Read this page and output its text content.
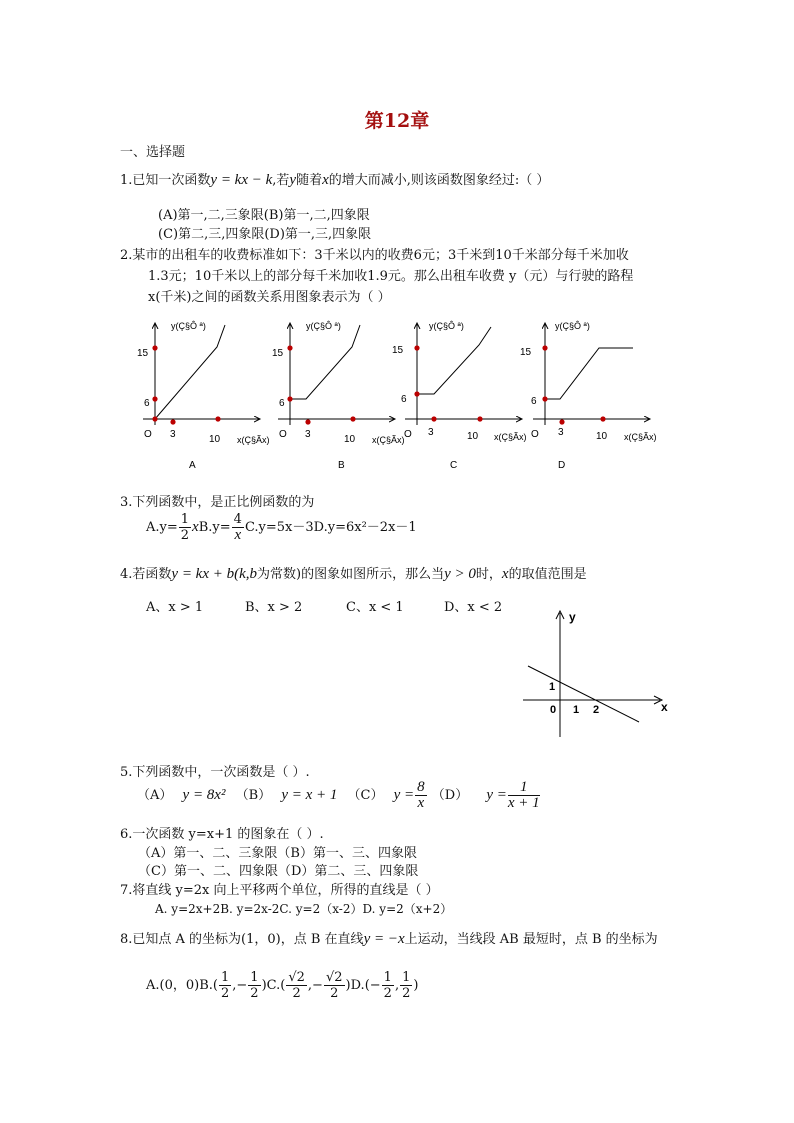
第12章
一、选择题
1.已知一次函数y = kx − k,若y随着x的增大而减小,则该函数图象经过:（ ）
(A)第一,二,三象限(B)第一,二,四象限
(C)第二,三,四象限(D)第一,三,四象限
2.某市的出租车的收费标准如下：3千米以内的收费6元；3千米到10千米部分每千米加收
1.3元；10千米以上的部分每千米加收1.9元。那么出租车收费 y（元）与行驶的路程
x(千米)之间的函数关系用图象表示为（ ）
y(Ç§Ô ª)
15
6
O 3	10 x(Ç§Ãx)
A
y(Ç§Ô ª)
15
6
O 3	10 x(Ç§Ãx)
B
y(Ç§Ô ª)
15
6
O 3	10 x(Ç§Ãx)
C
y(Ç§Ô ª)
15
6
O 3	10 x(Ç§Ãx)
D
3.下列函数中，是正比例函数的为
$A.y= \frac{1}{2} xB.y= \frac{4}{x} C.y=5x-3D.y=6x^2-2x-1$
4.若函数y = kx + b(k,b为常数)的图象如图所示，那么当y > 0时，x的取值范围是
A、x > 1	B、x > 2	C、x < 1	D、x < 2
y
x
1
0 1 2
5.下列函数中，一次函数是（ ）.
（A） y = 8x² （B） y = x + 1 （C） $y = \frac{8}{x} (D) y = \frac{1}{x + 1}$
6.一次函数 y=x+1 的图象在（ ）.
（A）第一、二、三象限（B）第一、三、四象限
（C）第一、二、四象限（D）第二、三、四象限
7.将直线 y=2x 向上平移两个单位，所得的直线是（ ）
A. y=2x+2B. y=2x-2C. y=2（x-2）D. y=2（x+2）
8.已知点 A 的坐标为(1，0)，点 B 在直线y = −x上运动，当线段 AB 最短时，点 B 的坐标为
A.(0，$0)B.( \frac{1}{2}$ ,− $\frac{1}{2} )C.( \frac{√2}{2}$ ,− $\frac{√2}{2} )D.(- \frac{1}{2}$ , $\frac{1}{2}$ )
